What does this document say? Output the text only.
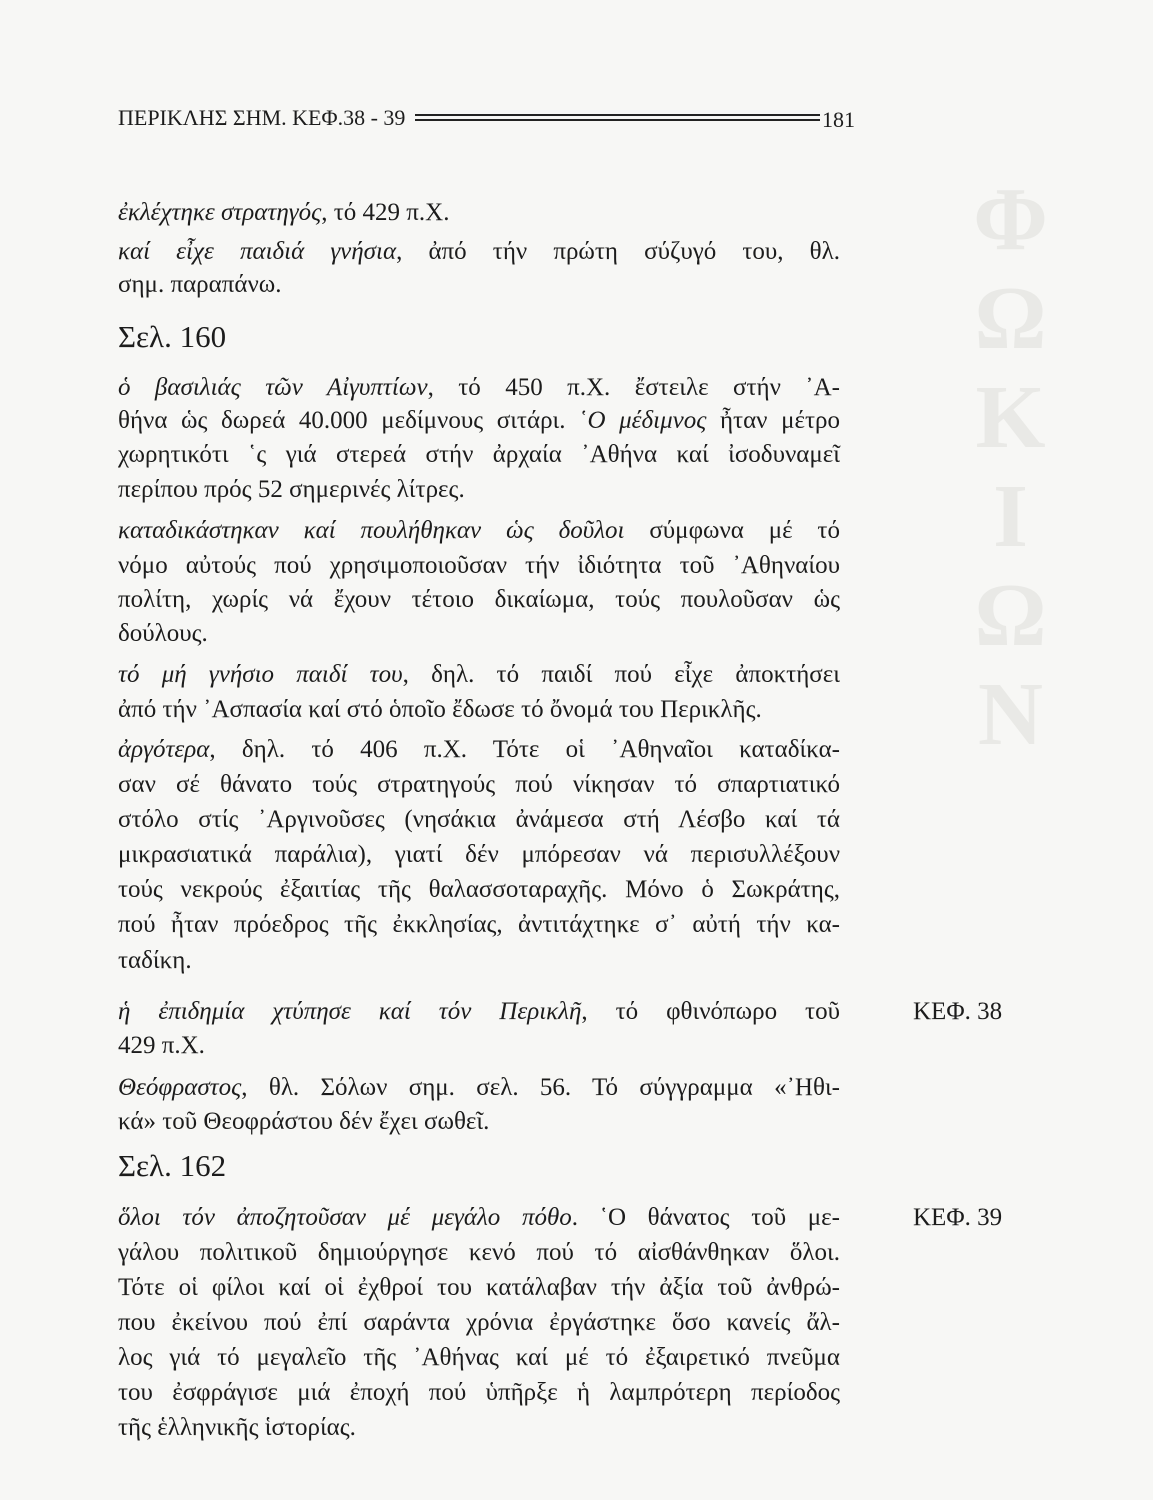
ΦΩΚΙΩΝ
ΠΕΡΙΚΛΗΣ ΣΗΜ. ΚΕΦ.38 - 39	181
ἐκλέχτηκε στρατηγός, τό 429 π.Χ.
καί εἶχε παιδιά γνήσια, ἀπό τήν πρώτη σύζυγό του, θλ.
σημ. παραπάνω.
Σελ. 160
ὁ βασιλιάς τῶν Αἰγυπτίων, τό 450 π.Χ. ἔστειλε στήν ᾿Α-
θήνα ὡς δωρεά 40.000 μεδίμνους σιτάρι. ῾Ο μέδιμνος ἦταν μέτρο
χωρητικότι ῾ς γιά στερεά στήν ἀρχαία ᾿Αθήνα καί ἰσοδυναμεῖ
περίπου πρός 52 σημερινές λίτρες.
καταδικάστηκαν καί πουλήθηκαν ὡς δοῦλοι σύμφωνα μέ τό
νόμο αὐτούς πού χρησιμοποιοῦσαν τήν ἰδιότητα τοῦ ᾿Αθηναίου
πολίτη, χωρίς νά ἔχουν τέτοιο δικαίωμα, τούς πουλοῦσαν ὡς
δούλους.
τό μή γνήσιο παιδί του, δηλ. τό παιδί πού εἶχε ἀποκτήσει
ἀπό τήν ᾿Ασπασία καί στό ὁποῖο ἔδωσε τό ὄνομά του Περικλῆς.
ἀργότερα, δηλ. τό 406 π.Χ. Τότε οἱ ᾿Αθηναῖοι καταδίκα-
σαν σέ θάνατο τούς στρατηγούς πού νίκησαν τό σπαρτιατικό
στόλο στίς ᾿Αργινοῦσες (νησάκια ἀνάμεσα στή Λέσβο καί τά
μικρασιατικά παράλια), γιατί δέν μπόρεσαν νά περισυλλέξουν
τούς νεκρούς ἐξαιτίας τῆς θαλασσοταραχῆς. Μόνο ὁ Σωκράτης,
πού ἦταν πρόεδρος τῆς ἐκκλησίας, ἀντιτάχτηκε σ᾿ αὐτή τήν κα-
ταδίκη.
ἡ ἐπιδημία χτύπησε καί τόν Περικλῆ, τό φθινόπωρο τοῦ
429 π.Χ.
Θεόφραστος, θλ. Σόλων σημ. σελ. 56. Τό σύγγραμμα «᾿Ηθι-
κά» τοῦ Θεοφράστου δέν ἔχει σωθεῖ.
Σελ. 162
ὅλοι τόν ἀποζητοῦσαν μέ μεγάλο πόθο. ῾Ο θάνατος τοῦ με-
γάλου πολιτικοῦ δημιούργησε κενό πού τό αἰσθάνθηκαν ὅλοι.
Τότε οἱ φίλοι καί οἱ ἐχθροί του κατάλαβαν τήν ἀξία τοῦ ἀνθρώ-
που ἐκείνου πού ἐπί σαράντα χρόνια ἐργάστηκε ὅσο κανείς ἄλ-
λος γιά τό μεγαλεῖο τῆς ᾿Αθήνας καί μέ τό ἐξαιρετικό πνεῦμα
του ἐσφράγισε μιά ἐποχή πού ὑπῆρξε ἡ λαμπρότερη περίοδος
τῆς ἑλληνικῆς ἱστορίας.
ΚΕΦ. 38
ΚΕΦ. 39
